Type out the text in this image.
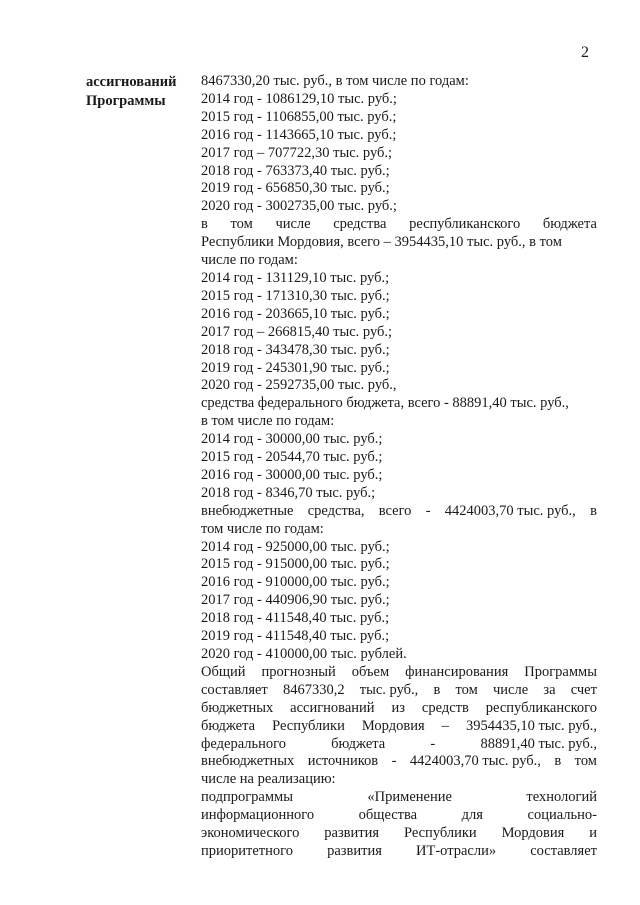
2
ассигнований
Программы
8467330,20 тыс. руб., в том числе по годам:
2014 год - 1086129,10 тыс. руб.;
2015 год - 1106855,00 тыс. руб.;
2016 год - 1143665,10 тыс. руб.;
2017 год – 707722,30 тыс. руб.;
2018 год - 763373,40 тыс. руб.;
2019 год - 656850,30 тыс. руб.;
2020 год - 3002735,00 тыс. руб.;
в том числе средства республиканского бюджета
Республики Мордовия, всего – 3954435,10 тыс. руб., в том
числе по годам:
2014 год - 131129,10 тыс. руб.;
2015 год - 171310,30 тыс. руб.;
2016 год - 203665,10 тыс. руб.;
2017 год – 266815,40 тыс. руб.;
2018 год - 343478,30 тыс. руб.;
2019 год - 245301,90 тыс. руб.;
2020 год - 2592735,00 тыс. руб.,
средства федерального бюджета, всего - 88891,40 тыс. руб.,
в том числе по годам:
2014 год - 30000,00 тыс. руб.;
2015 год - 20544,70 тыс. руб.;
2016 год - 30000,00 тыс. руб.;
2018 год - 8346,70 тыс. руб.;
внебюджетные средства, всего - 4424003,70 тыс. руб., в
том числе по годам:
2014 год - 925000,00 тыс. руб.;
2015 год - 915000,00 тыс. руб.;
2016 год - 910000,00 тыс. руб.;
2017 год - 440906,90 тыс. руб.;
2018 год - 411548,40 тыс. руб.;
2019 год - 411548,40 тыс. руб.;
2020 год - 410000,00 тыс. рублей.
Общий прогнозный объем финансирования Программы
составляет 8467330,2 тыс. руб., в том числе за счет
бюджетных ассигнований из средств республиканского
бюджета Республики Мордовия – 3954435,10 тыс. руб.,
федерального	бюджета	-	88891,40 тыс. руб.,
внебюджетных источников - 4424003,70 тыс. руб., в том
числе на реализацию:
подпрограммы	«Применение	технологий
информационного	общества	для	социально-
экономического развития Республики Мордовия и
приоритетного развития ИТ-отрасли» составляет
